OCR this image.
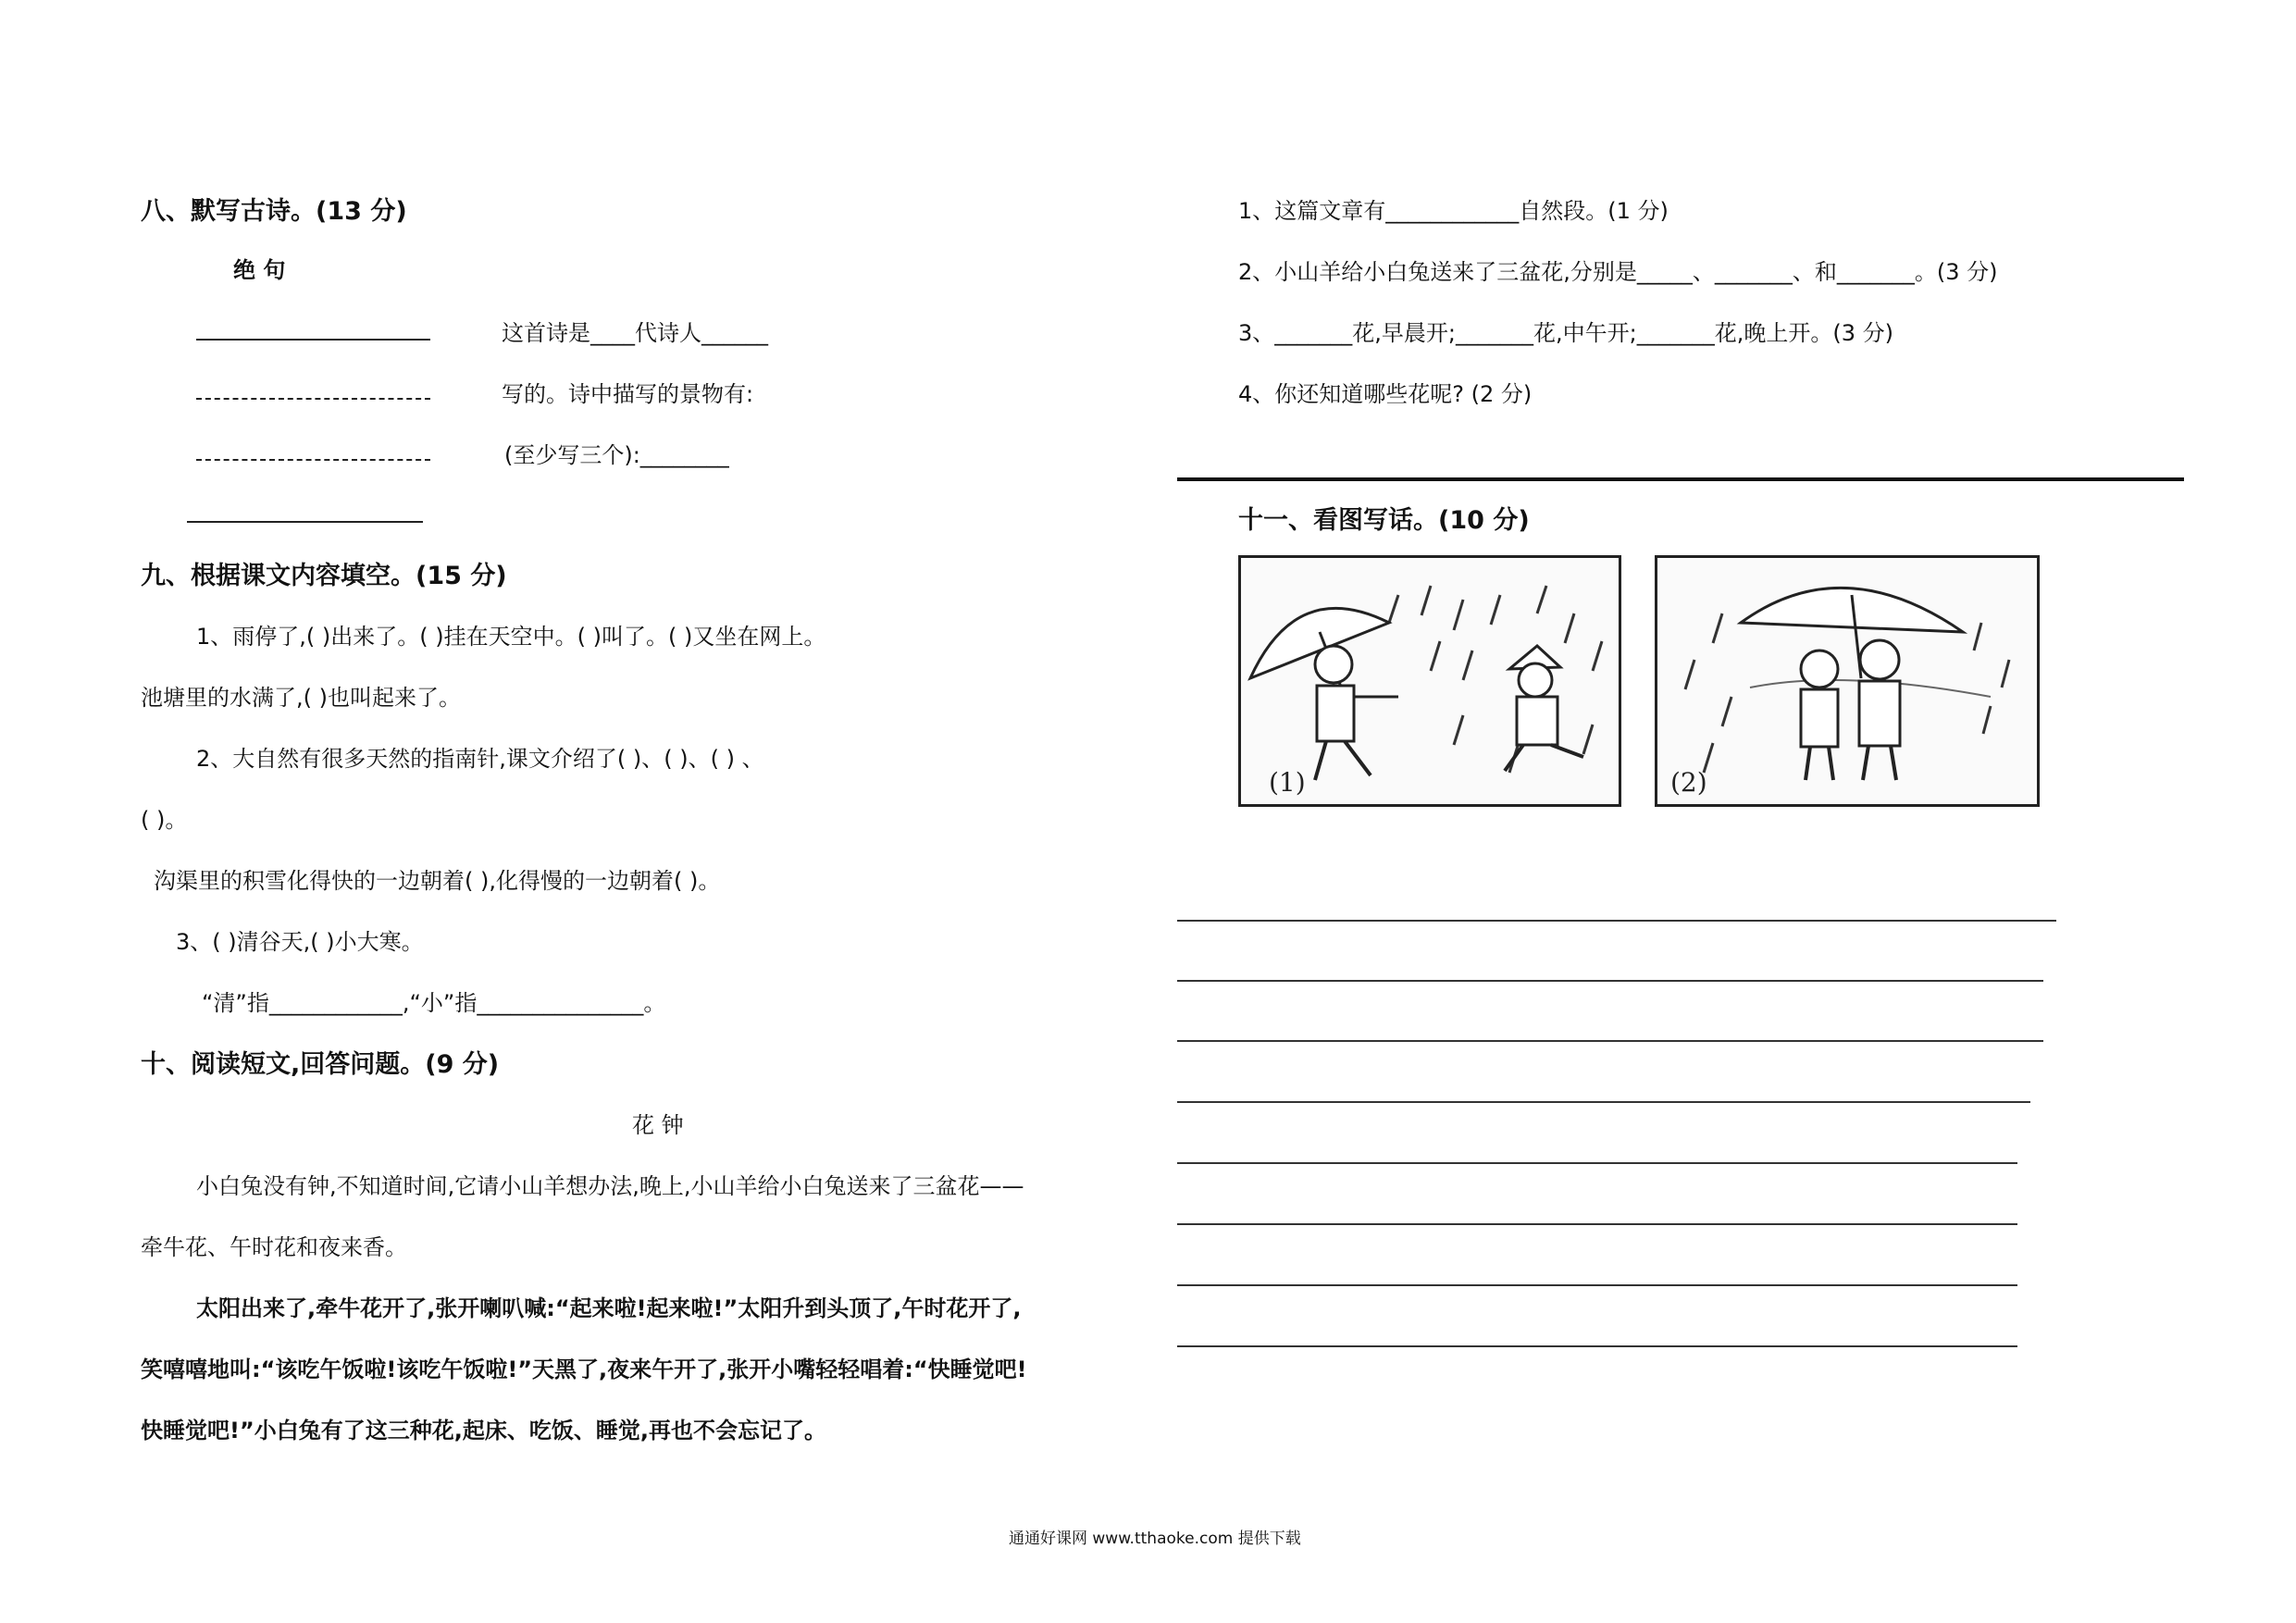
八、默写古诗。(13 分)
绝 句
这首诗是____代诗人______
写的。诗中描写的景物有:
(至少写三个):________
九、根据课文内容填空。(15 分)
1、雨停了,( )出来了。( )挂在天空中。( )叫了。( )又坐在网上。
池塘里的水满了,( )也叫起来了。
2、大自然有很多天然的指南针,课文介绍了( )、( )、( ) 、
( )。
沟渠里的积雪化得快的一边朝着( ),化得慢的一边朝着( )。
3、( )清谷天,( )小大寒。
“清”指____________,“小”指_______________。
十、阅读短文,回答问题。(9 分)
花 钟
小白兔没有钟,不知道时间,它请小山羊想办法,晚上,小山羊给小白兔送来了三盆花——
牵牛花、午时花和夜来香。
太阳出来了,牵牛花开了,张开喇叭喊:“起来啦!起来啦!”太阳升到头顶了,午时花开了,
笑嘻嘻地叫:“该吃午饭啦!该吃午饭啦!”天黑了,夜来午开了,张开小嘴轻轻唱着:“快睡觉吧!
快睡觉吧!”小白兔有了这三种花,起床、吃饭、睡觉,再也不会忘记了。
1、这篇文章有____________自然段。(1 分)
2、小山羊给小白兔送来了三盆花,分别是_____、_______、和_______。(3 分)
3、_______花,早晨开;_______花,中午开;_______花,晚上开。(3 分)
4、你还知道哪些花呢? (2 分)
十一、看图写话。(10 分)
(1)	(2)
通通好课网 www.tthaoke.com 提供下载
